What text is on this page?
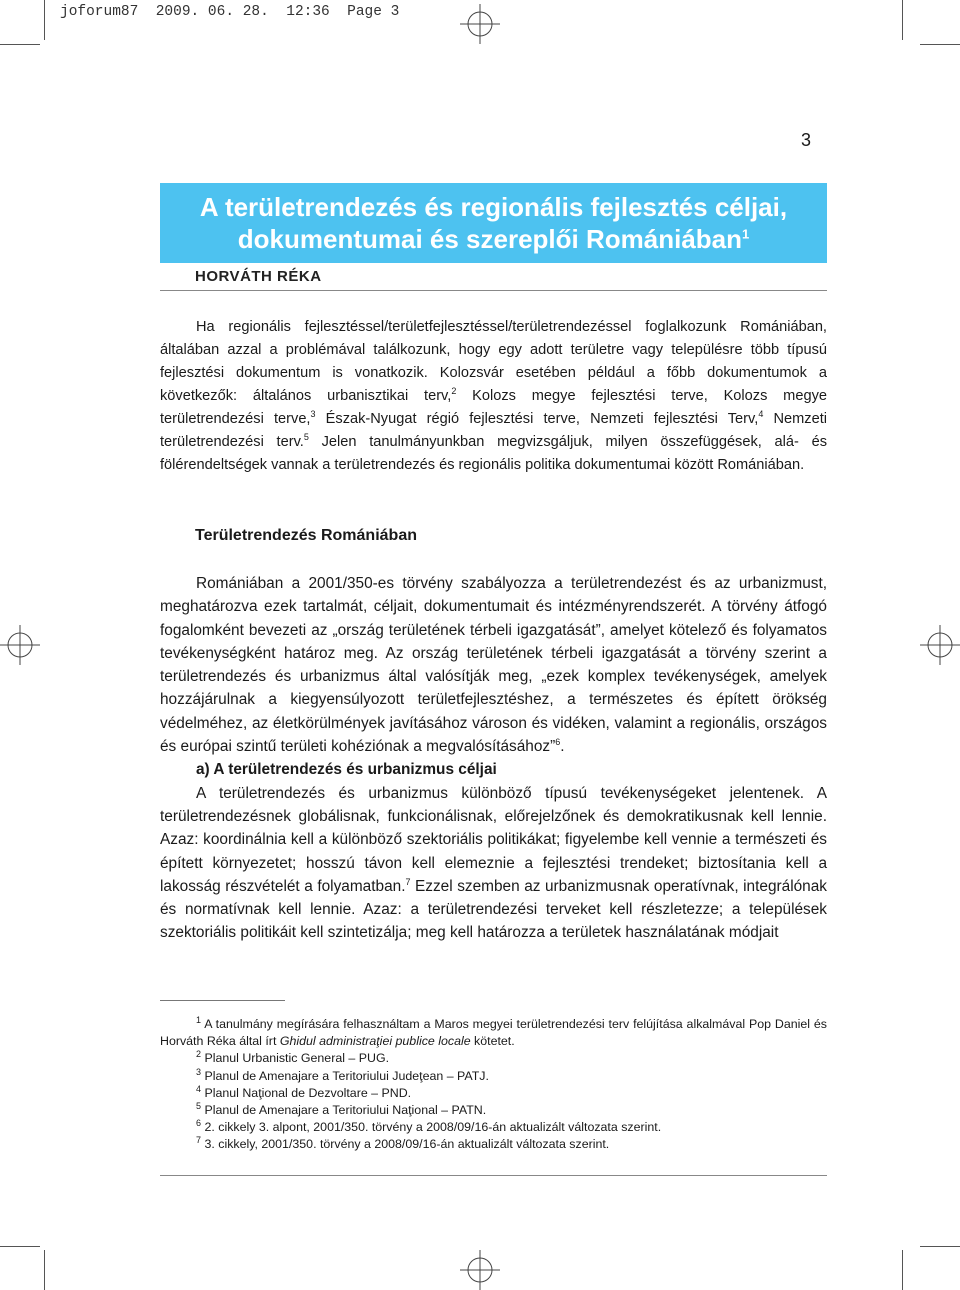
joforum87  2009. 06. 28.  12:36  Page 3
3
A területrendezés és regionális fejlesztés céljai,
dokumentumai és szereplői Romániában$^1$
HORVÁTH RÉKA

Ha regionális fejlesztéssel/területfejlesztéssel/területrendezéssel foglalkozunk Romániában, általában azzal a problémával találkozunk, hogy egy adott területre vagy településre több típusú fejlesztési dokumentum is vonatkozik. Kolozsvár esetében például a főbb dokumentumok a következők: általános urbanisztikai terv,$^2$ Kolozs megye fejlesztési terve, Kolozs megye területrendezési terve,$^3$ Észak-Nyugat régió fejlesztési terve, Nemzeti fejlesztési Terv,$^4$ Nemzeti területrendezési terv.$^5$ Jelen tanulmányunkban megvizsgáljuk, milyen összefüggések, alá- és fölérendeltségek vannak a területrendezés és regionális politika dokumentumai között Romániában.

Területrendezés Romániában

Romániában a 2001/350-es törvény szabályozza a területrendezést és az urbanizmust, meghatározva ezek tartalmát, céljait, dokumentumait és intézményrendszerét. A törvény átfogó fogalomként bevezeti az „ország területének térbeli igazgatását”, amelyet kötelező és folyamatos tevékenységként határoz meg. Az ország területének térbeli igazgatását a törvény szerint a területrendezés és urbanizmus által valósítják meg, „ezek komplex tevékenységek, amelyek hozzájárulnak a kiegyensúlyozott területfejlesztéshez, a természetes és épített örökség védelméhez, az életkörülmények javításához városon és vidéken, valamint a regionális, országos és európai szintű területi kohéziónak a megvalósításához”$^6$.

a) A területrendezés és urbanizmus céljai

A területrendezés és urbanizmus különböző típusú tevékenységeket jelentenek. A területrendezésnek globálisnak, funkcionálisnak, előrejelzőnek és demokratikusnak kell lennie. Azaz: koordinálnia kell a különböző szektoriális politikákat; figyelembe kell vennie a természeti és épített környezetet; hosszú távon kell elemeznie a fejlesztési trendeket; biztosítania kell a lakosság részvételét a folyamatban.$^7$ Ezzel szemben az urbanizmusnak operatívnak, integrálónak és normatívnak kell lennie. Azaz: a területrendezési terveket kell részletezze; a települések szektoriális politikáit kell szintetizálja; meg kell határozza a területek használatának módjait

$^1$ A tanulmány megírására felhasználtam a Maros megyei területrendezési terv felújítása alkalmával Pop Daniel és Horváth Réka által írt Ghidul administraţiei publice locale kötetet.
$^2$ Planul Urbanistic General – PUG.
$^3$ Planul de Amenajare a Teritoriului Judeţean – PATJ.
$^4$ Planul Naţional de Dezvoltare – PND.
$^5$ Planul de Amenajare a Teritoriului Naţional – PATN.
$^6$ 2. cikkely 3. alpont, 2001/350. törvény a 2008/09/16-án aktualizált változata szerint.
$^7$ 3. cikkely, 2001/350. törvény a 2008/09/16-án aktualizált változata szerint.
